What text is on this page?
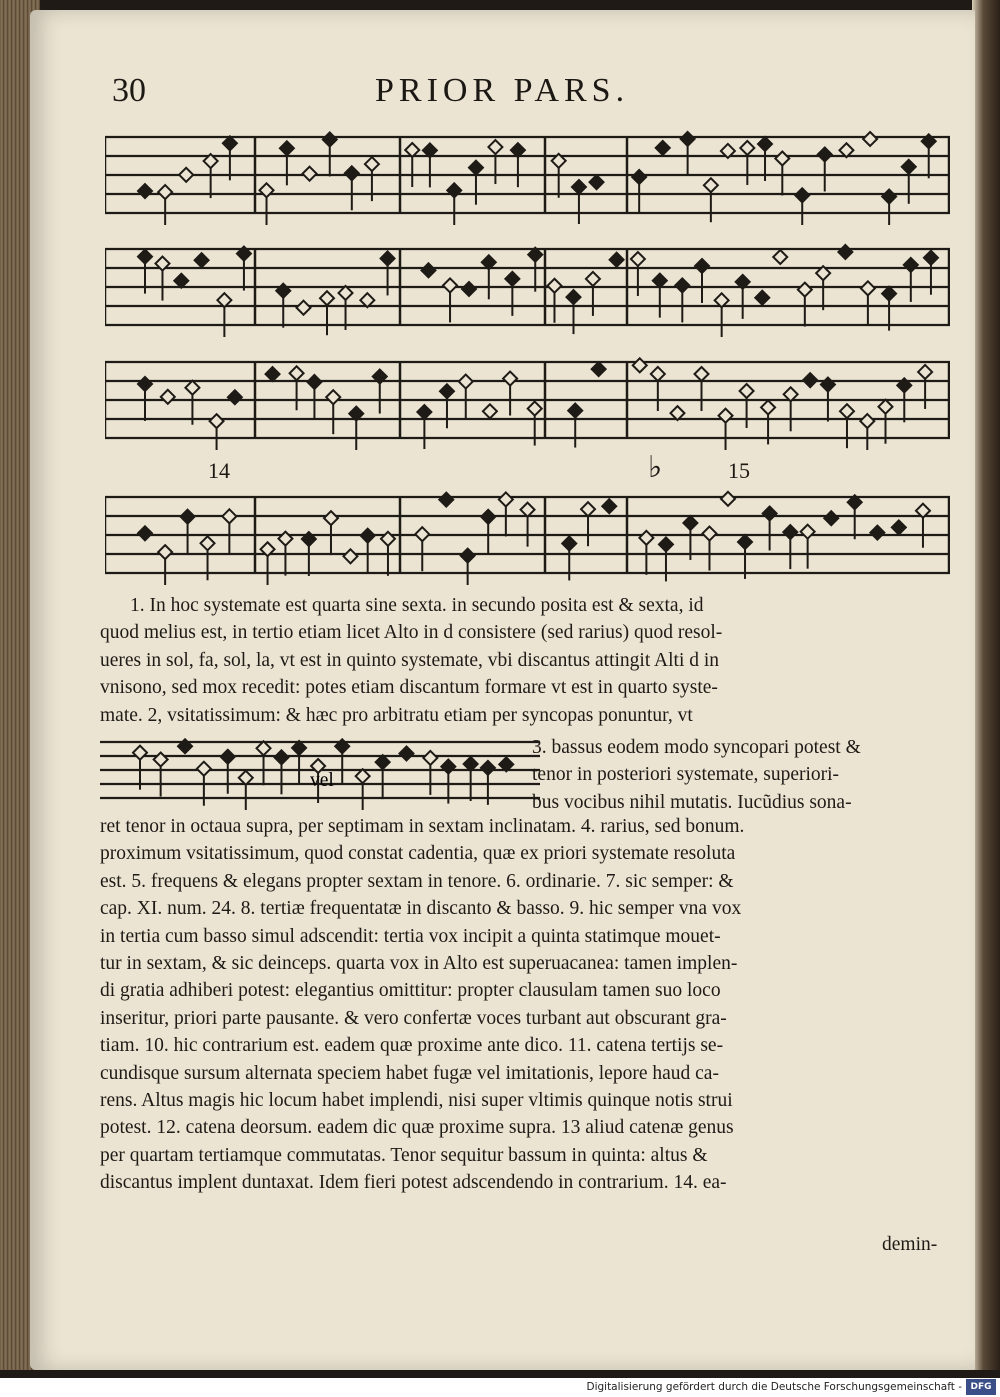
30	PRIOR PARS.
14	♭	15
1. In hoc systemate est quarta sine sexta. in secundo posita est & sexta, id
quod melius est, in tertio etiam licet Alto in d consistere (sed rarius) quod resol-
ueres in sol, fa, sol, la, vt est in quinto systemate, vbi discantus attingit Alti d in
vnisono, sed mox recedit: potes etiam discantum formare vt est in quarto syste-
mate. 2, vsitatissimum: & hæc pro arbitratu etiam per syncopas ponuntur, vt
vel
3. bassus eodem modo syncopari potest &
tenor in posteriori systemate, superiori-
bus vocibus nihil mutatis. Iucũdius sona-
ret tenor in octaua supra, per septimam in sextam inclinatam. 4. rarius, sed bonum.
proximum vsitatissimum, quod constat cadentia, quæ ex priori systemate resoluta
est. 5. frequens & elegans propter sextam in tenore. 6. ordinarie. 7. sic semper: &
cap. XI. num. 24. 8. tertiæ frequentatæ in discanto & basso. 9. hic semper vna vox
in tertia cum basso simul adscendit: tertia vox incipit a quinta statimque mouet-
tur in sextam, & sic deinceps. quarta vox in Alto est superuacanea: tamen implen-
di gratia adhiberi potest: elegantius omittitur: propter clausulam tamen suo loco
inseritur, priori parte pausante. & vero confertæ voces turbant aut obscurant gra-
tiam. 10. hic contrarium est. eadem quæ proxime ante dico. 11. catena tertijs se-
cundisque sursum alternata speciem habet fugæ vel imitationis, lepore haud ca-
rens. Altus magis hic locum habet implendi, nisi super vltimis quinque notis strui
potest. 12. catena deorsum. eadem dic quæ proxime supra. 13 aliud catenæ genus
per quartam tertiamque commutatas. Tenor sequitur bassum in quinta: altus &
discantus implent duntaxat. Idem fieri potest adscendendo in contrarium. 14. ea-
demin-
Digitalisierung gefördert durch die Deutsche Forschungsgemeinschaft - DFG
